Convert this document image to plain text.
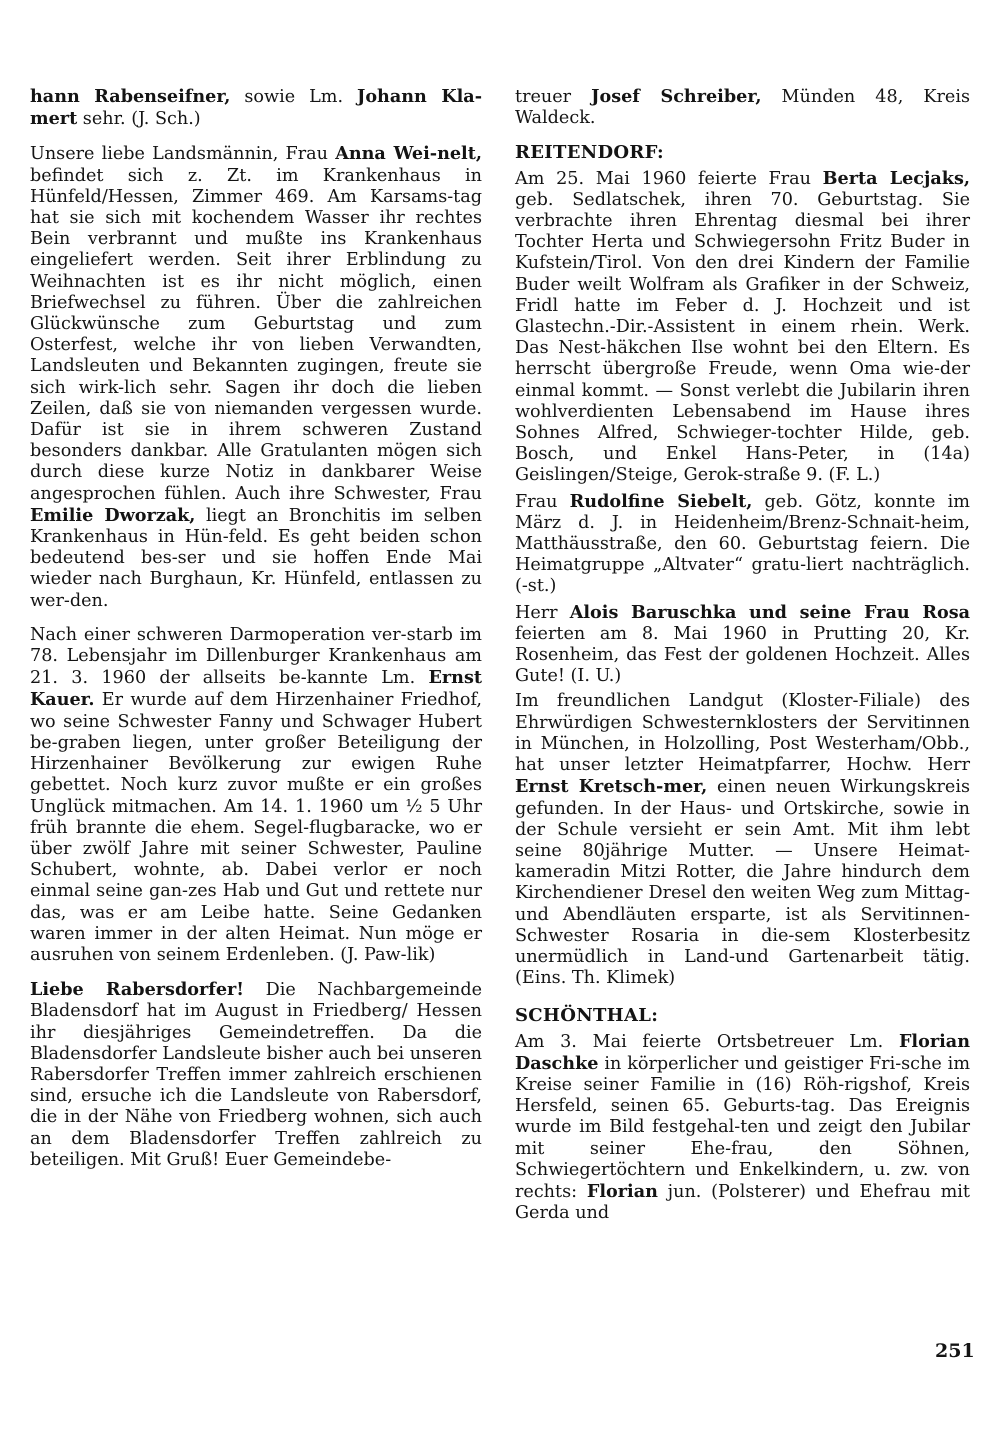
hann Rabenseifner, sowie Lm. Johann Kla-mert sehr. (J. Sch.)

Unsere liebe Landsmännin, Frau Anna Wei-nelt, befindet sich z. Zt. im Krankenhaus in Hünfeld/Hessen, Zimmer 469. Am Karsams-tag hat sie sich mit kochendem Wasser ihr rechtes Bein verbrannt und mußte ins Krankenhaus eingeliefert werden. Seit ihrer Erblindung zu Weihnachten ist es ihr nicht möglich, einen Briefwechsel zu führen. Über die zahlreichen Glückwünsche zum Geburtstag und zum Osterfest, welche ihr von lieben Verwandten, Landsleuten und Bekannten zugingen, freute sie sich wirk-lich sehr. Sagen ihr doch die lieben Zeilen, daß sie von niemanden vergessen wurde. Dafür ist sie in ihrem schweren Zustand besonders dankbar. Alle Gratulanten mögen sich durch diese kurze Notiz in dankbarer Weise angesprochen fühlen. Auch ihre Schwester, Frau Emilie Dworzak, liegt an Bronchitis im selben Krankenhaus in Hün-feld. Es geht beiden schon bedeutend bes-ser und sie hoffen Ende Mai wieder nach Burghaun, Kr. Hünfeld, entlassen zu wer-den.

Nach einer schweren Darmoperation ver-starb im 78. Lebensjahr im Dillenburger Krankenhaus am 21. 3. 1960 der allseits be-kannte Lm. Ernst Kauer. Er wurde auf dem Hirzenhainer Friedhof, wo seine Schwester Fanny und Schwager Hubert be-graben liegen, unter großer Beteiligung der Hirzenhainer Bevölkerung zur ewigen Ruhe gebettet. Noch kurz zuvor mußte er ein großes Unglück mitmachen. Am 14. 1. 1960 um ½ 5 Uhr früh brannte die ehem. Segel-flugbaracke, wo er über zwölf Jahre mit seiner Schwester, Pauline Schubert, wohnte, ab. Dabei verlor er noch einmal seine gan-zes Hab und Gut und rettete nur das, was er am Leibe hatte. Seine Gedanken waren immer in der alten Heimat. Nun möge er ausruhen von seinem Erdenleben. (J. Paw-lik)

Liebe Rabersdorfer! Die Nachbargemeinde Bladensdorf hat im August in Friedberg/ Hessen ihr diesjähriges Gemeindetreffen. Da die Bladensdorfer Landsleute bisher auch bei unseren Rabersdorfer Treffen immer zahlreich erschienen sind, ersuche ich die Landsleute von Rabersdorf, die in der Nähe von Friedberg wohnen, sich auch an dem Bladensdorfer Treffen zahlreich zu beteiligen. Mit Gruß! Euer Gemeindebe-

treuer Josef Schreiber, Münden 48, Kreis Waldeck.

REITENDORF:

Am 25. Mai 1960 feierte Frau Berta Lecjaks, geb. Sedlatschek, ihren 70. Geburtstag. Sie verbrachte ihren Ehrentag diesmal bei ihrer Tochter Herta und Schwiegersohn Fritz Buder in Kufstein/Tirol. Von den drei Kindern der Familie Buder weilt Wolfram als Grafiker in der Schweiz, Fridl hatte im Feber d. J. Hochzeit und ist Glastechn.-Dir.-Assistent in einem rhein. Werk. Das Nest-häkchen Ilse wohnt bei den Eltern. Es herrscht übergroße Freude, wenn Oma wie-der einmal kommt. — Sonst verlebt die Jubilarin ihren wohlverdienten Lebensabend im Hause ihres Sohnes Alfred, Schwieger-tochter Hilde, geb. Bosch, und Enkel Hans-Peter, in (14a) Geislingen/Steige, Gerok-straße 9. (F. L.)

Frau Rudolfine Siebelt, geb. Götz, konnte im März d. J. in Heidenheim/Brenz-Schnait-heim, Matthäusstraße, den 60. Geburtstag feiern. Die Heimatgruppe „Altvater“ gratu-liert nachträglich. (-st.)

Herr Alois Baruschka und seine Frau Rosa feierten am 8. Mai 1960 in Prutting 20, Kr. Rosenheim, das Fest der goldenen Hochzeit. Alles Gute! (I. U.)

Im freundlichen Landgut (Kloster-Filiale) des Ehrwürdigen Schwesternklosters der Servitinnen in München, in Holzolling, Post Westerham/Obb., hat unser letzter Heimatpfarrer, Hochw. Herr Ernst Kretsch-mer, einen neuen Wirkungskreis gefunden. In der Haus- und Ortskirche, sowie in der Schule versieht er sein Amt. Mit ihm lebt seine 80jährige Mutter. — Unsere Heimat-kameradin Mitzi Rotter, die Jahre hindurch dem Kirchendiener Dresel den weiten Weg zum Mittag- und Abendläuten ersparte, ist als Servitinnen-Schwester Rosaria in die-sem Klosterbesitz unermüdlich in Land-und Gartenarbeit tätig. (Eins. Th. Klimek)

SCHÖNTHAL:

Am 3. Mai feierte Ortsbetreuer Lm. Florian Daschke in körperlicher und geistiger Fri-sche im Kreise seiner Familie in (16) Röh-rigshof, Kreis Hersfeld, seinen 65. Geburts-tag. Das Ereignis wurde im Bild festgehal-ten und zeigt den Jubilar mit seiner Ehe-frau, den Söhnen, Schwiegertöchtern und Enkelkindern, u. zw. von rechts: Florian jun. (Polsterer) und Ehefrau mit Gerda und

251
